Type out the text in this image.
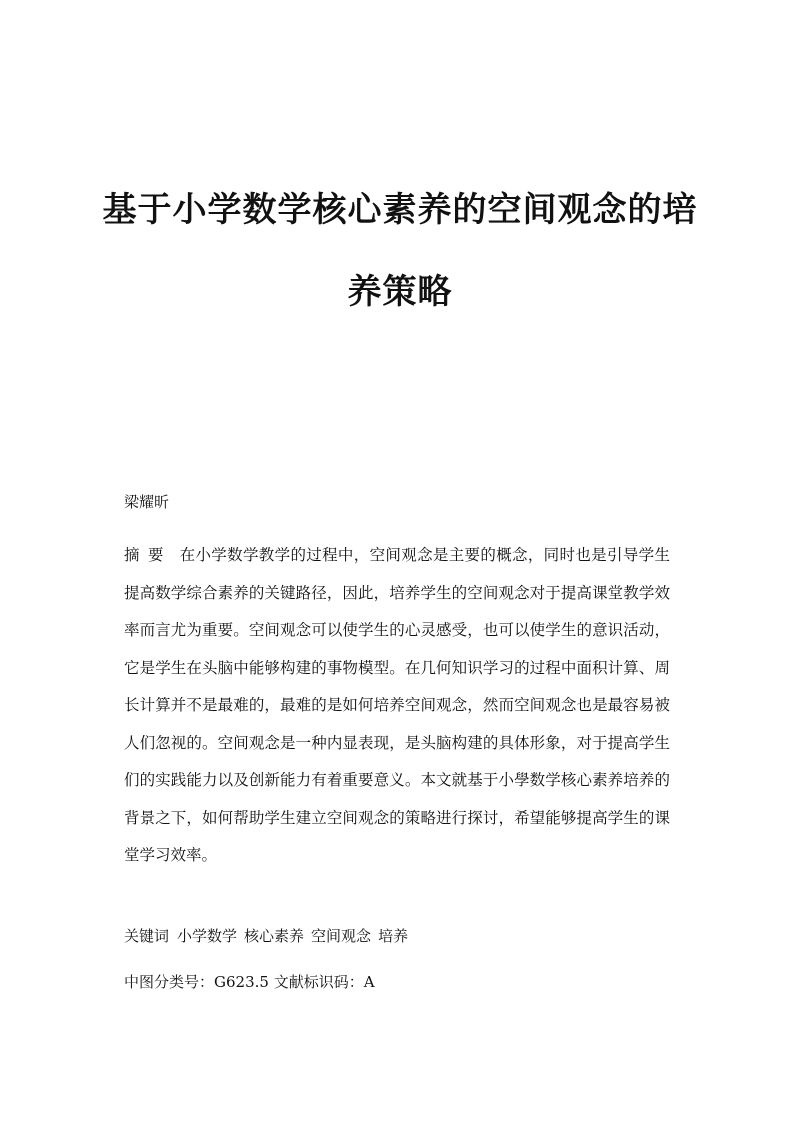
基于小学数学核心素养的空间观念的培
养策略

梁耀昕

摘要 在小学数学教学的过程中，空间观念是主要的概念，同时也是引导学生提高数学综合素养的关键路径，因此，培养学生的空间观念对于提高课堂教学效率而言尤为重要。空间观念可以使学生的心灵感受，也可以使学生的意识活动，它是学生在头脑中能够构建的事物模型。在几何知识学习的过程中面积计算、周长计算并不是最难的，最难的是如何培养空间观念，然而空间观念也是最容易被人们忽视的。空间观念是一种内显表现，是头脑构建的具体形象，对于提高学生们的实践能力以及创新能力有着重要意义。本文就基于小學数学核心素养培养的背景之下，如何帮助学生建立空间观念的策略进行探讨，希望能够提高学生的课堂学习效率。

关键词 小学数学 核心素养 空间观念 培养

中图分类号：G623.5 文献标识码：A
